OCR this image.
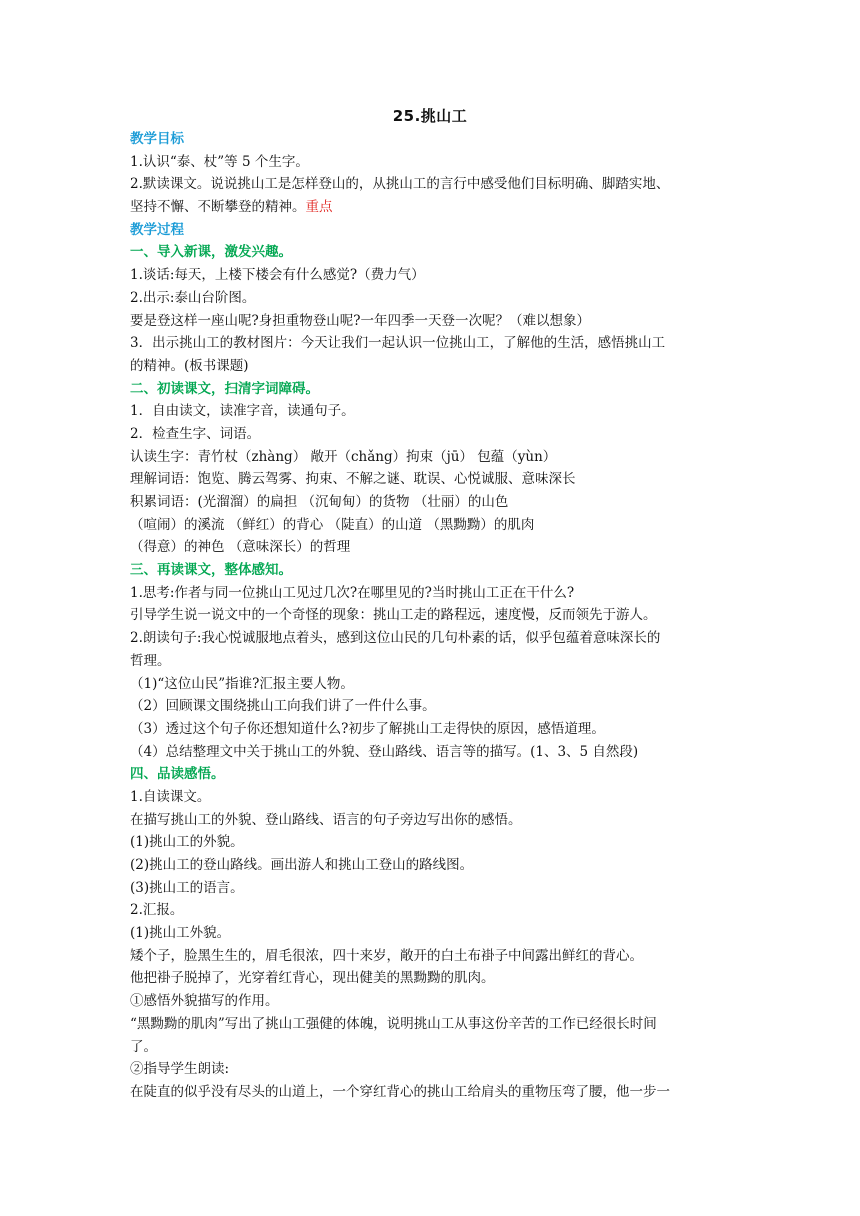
25.挑山工
教学目标
1.认识“泰、杖”等 5 个生字。
2.默读课文。说说挑山工是怎样登山的，从挑山工的言行中感受他们目标明确、脚踏实地、
坚持不懈、不断攀登的精神。重点
教学过程
一、导入新课，激发兴趣。
1.谈话:每天，上楼下楼会有什么感觉?（费力气）
2.出示:泰山台阶图。
要是登这样一座山呢?身担重物登山呢?一年四季一天登一次呢？（难以想象）
3．出示挑山工的教材图片：今天让我们一起认识一位挑山工，了解他的生活，感悟挑山工
的精神。(板书课题)
二、初读课文，扫清字词障碍。
1．自由读文，读准字音，读通句子。
2．检查生字、词语。
认读生字：青竹杖（zhàng） 敞开（chǎng）拘束（jū） 包蕴（yùn）
理解词语：饱览、腾云驾雾、拘束、不解之谜、耽误、心悦诚服、意味深长
积累词语：(光溜溜）的扁担 （沉甸甸）的货物 （壮丽）的山色
（喧闹）的溪流 （鲜红）的背心 （陡直）的山道 （黑黝黝）的肌肉
（得意）的神色 （意味深长）的哲理
三、再读课文，整体感知。
1.思考:作者与同一位挑山工见过几次?在哪里见的?当时挑山工正在干什么?
引导学生说一说文中的一个奇怪的现象：挑山工走的路程远，速度慢，反而领先于游人。
2.朗读句子:我心悦诚服地点着头，感到这位山民的几句朴素的话，似乎包蕴着意味深长的
哲理。
（1)“这位山民”指谁?汇报主要人物。
（2）回顾课文围绕挑山工向我们讲了一件什么事。
（3）透过这个句子你还想知道什么?初步了解挑山工走得快的原因，感悟道理。
（4）总结整理文中关于挑山工的外貌、登山路线、语言等的描写。(1、3、5 自然段)
四、品读感悟。
1.自读课文。
在描写挑山工的外貌、登山路线、语言的句子旁边写出你的感悟。
(1)挑山工的外貌。
(2)挑山工的登山路线。画出游人和挑山工登山的路线图。
(3)挑山工的语言。
2.汇报。
(1)挑山工外貌。
矮个子，脸黑生生的，眉毛很浓，四十来岁，敞开的白土布褂子中间露出鲜红的背心。
他把褂子脱掉了，光穿着红背心，现出健美的黑黝黝的肌肉。
①感悟外貌描写的作用。
“黑黝黝的肌肉”写出了挑山工强健的体魄，说明挑山工从事这份辛苦的工作已经很长时间
了。
②指导学生朗读:
在陡直的似乎没有尽头的山道上，一个穿红背心的挑山工给肩头的重物压弯了腰，他一步一
